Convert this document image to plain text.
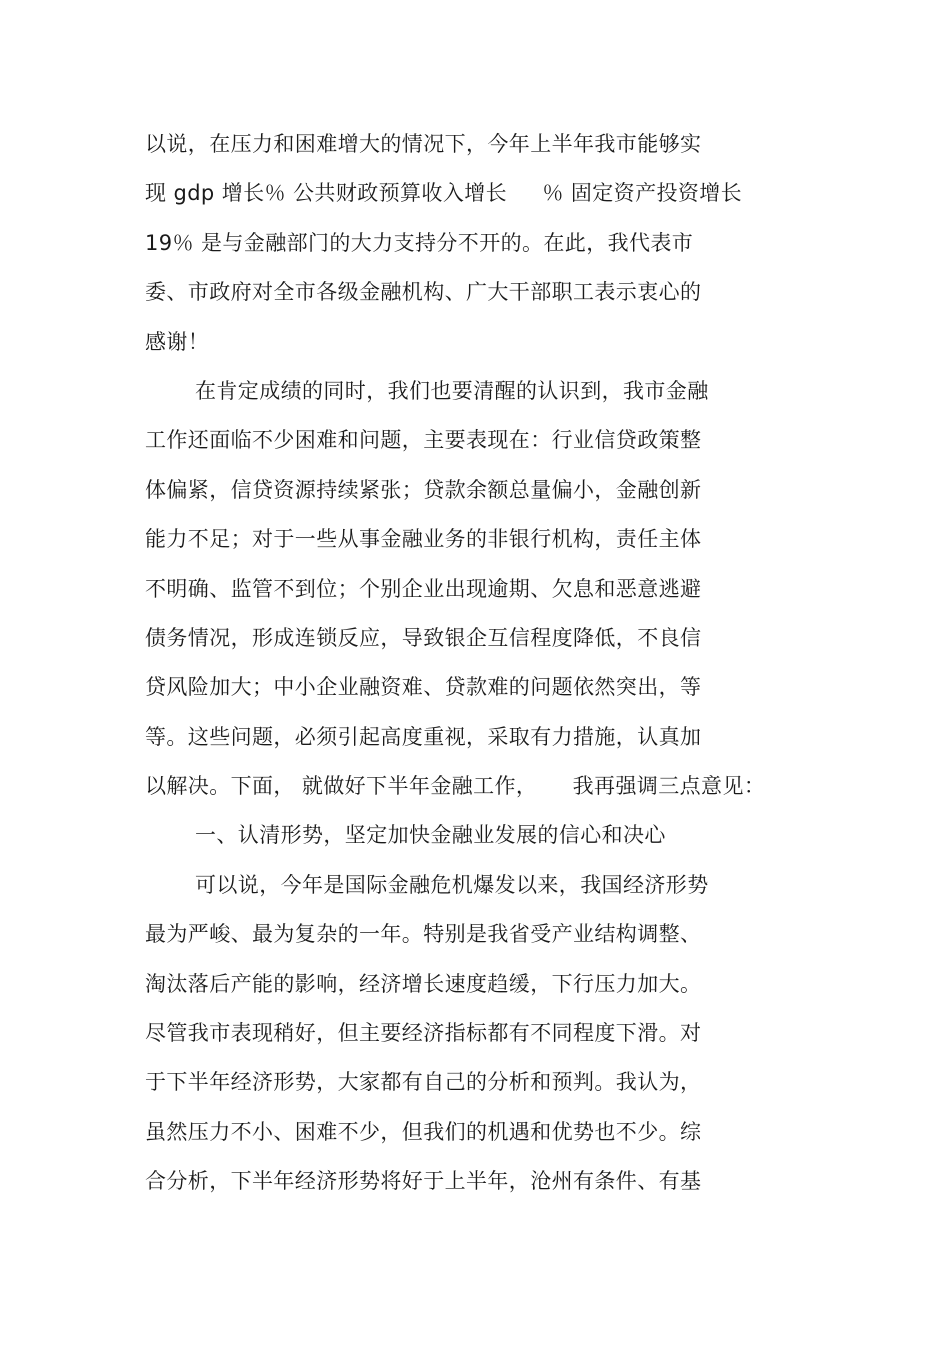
以说，在压力和困难增大的情况下，今年上半年我市能够实
现 gdp 增长％ 公共财政预算收入增长     ％ 固定资产投资增长
19％ 是与金融部门的大力支持分不开的。在此，我代表市
委、市政府对全市各级金融机构、广大干部职工表示衷心的
感谢！
在肯定成绩的同时，我们也要清醒的认识到，我市金融
工作还面临不少困难和问题，主要表现在：行业信贷政策整
体偏紧，信贷资源持续紧张；贷款余额总量偏小，金融创新
能力不足；对于一些从事金融业务的非银行机构，责任主体
不明确、监管不到位；个别企业出现逾期、欠息和恶意逃避
债务情况，形成连锁反应，导致银企互信程度降低，不良信
贷风险加大；中小企业融资难、贷款难的问题依然突出，等
等。这些问题，必须引起高度重视，采取有力措施，认真加
以解决。下面， 就做好下半年金融工作，     我再强调三点意见：
一、认清形势，坚定加快金融业发展的信心和决心
可以说，今年是国际金融危机爆发以来，我国经济形势
最为严峻、最为复杂的一年。特别是我省受产业结构调整、
淘汰落后产能的影响，经济增长速度趋缓，下行压力加大。
尽管我市表现稍好，但主要经济指标都有不同程度下滑。对
于下半年经济形势，大家都有自己的分析和预判。我认为，
虽然压力不小、困难不少，但我们的机遇和优势也不少。综
合分析，下半年经济形势将好于上半年，沧州有条件、有基
